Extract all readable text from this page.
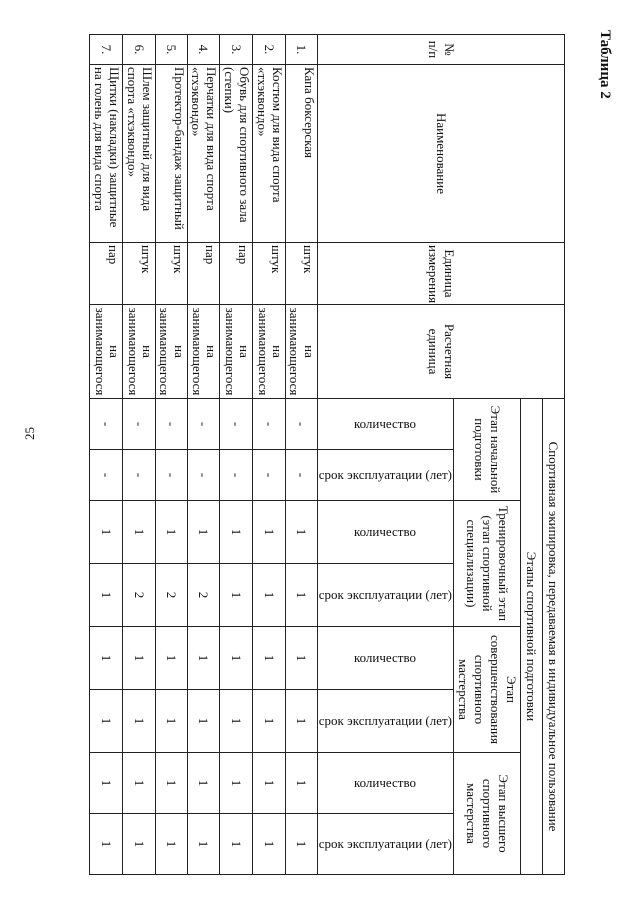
25
Таблица 2
№ п/п	Наименование	Единица измерения	Расчетная единица	Спортивная экипировка, передаваемая в индивидуальное пользование							
				Этапы спортивной подготовки							
				Этап начальной подготовки		Тренировочный этап (этап спортивной специализации)		Этап совершенствования спортивного мастерства		Этап высшего спортивного мастерства	

				количество	срок эксплуатации (лет)	количество	срок эксплуатации (лет)	количество	срок эксплуатации (лет)	количество	срок эксплуатации (лет)

1.	Капа боксерская	штук	на занимающегося	-	-	1	1	1	1	1	1
2.	Костюм для вида спорта «тхэквондо»	штук	на занимающегося	-	-	1	1	1	1	1	1
3.	Обувь для спортивного зала (степки)	пар	на занимающегося	-	-	1	1	1	1	1	1
4.	Перчатки для вида спорта «тхэквондо»	пар	на занимающегося	-	-	1	2	1	1	1	1
5.	Протектор-бандаж защитный	штук	на занимающегося	-	-	1	2	1	1	1	1
6.	Шлем защитный для вида спорта «тхэквондо»	штук	на занимающегося	-	-	1	2	1	1	1	1
7.	Щитки (накладки) защитные на голень для вида спорта	пар	на занимающегося	-	-	1	1	1	1	1	1
